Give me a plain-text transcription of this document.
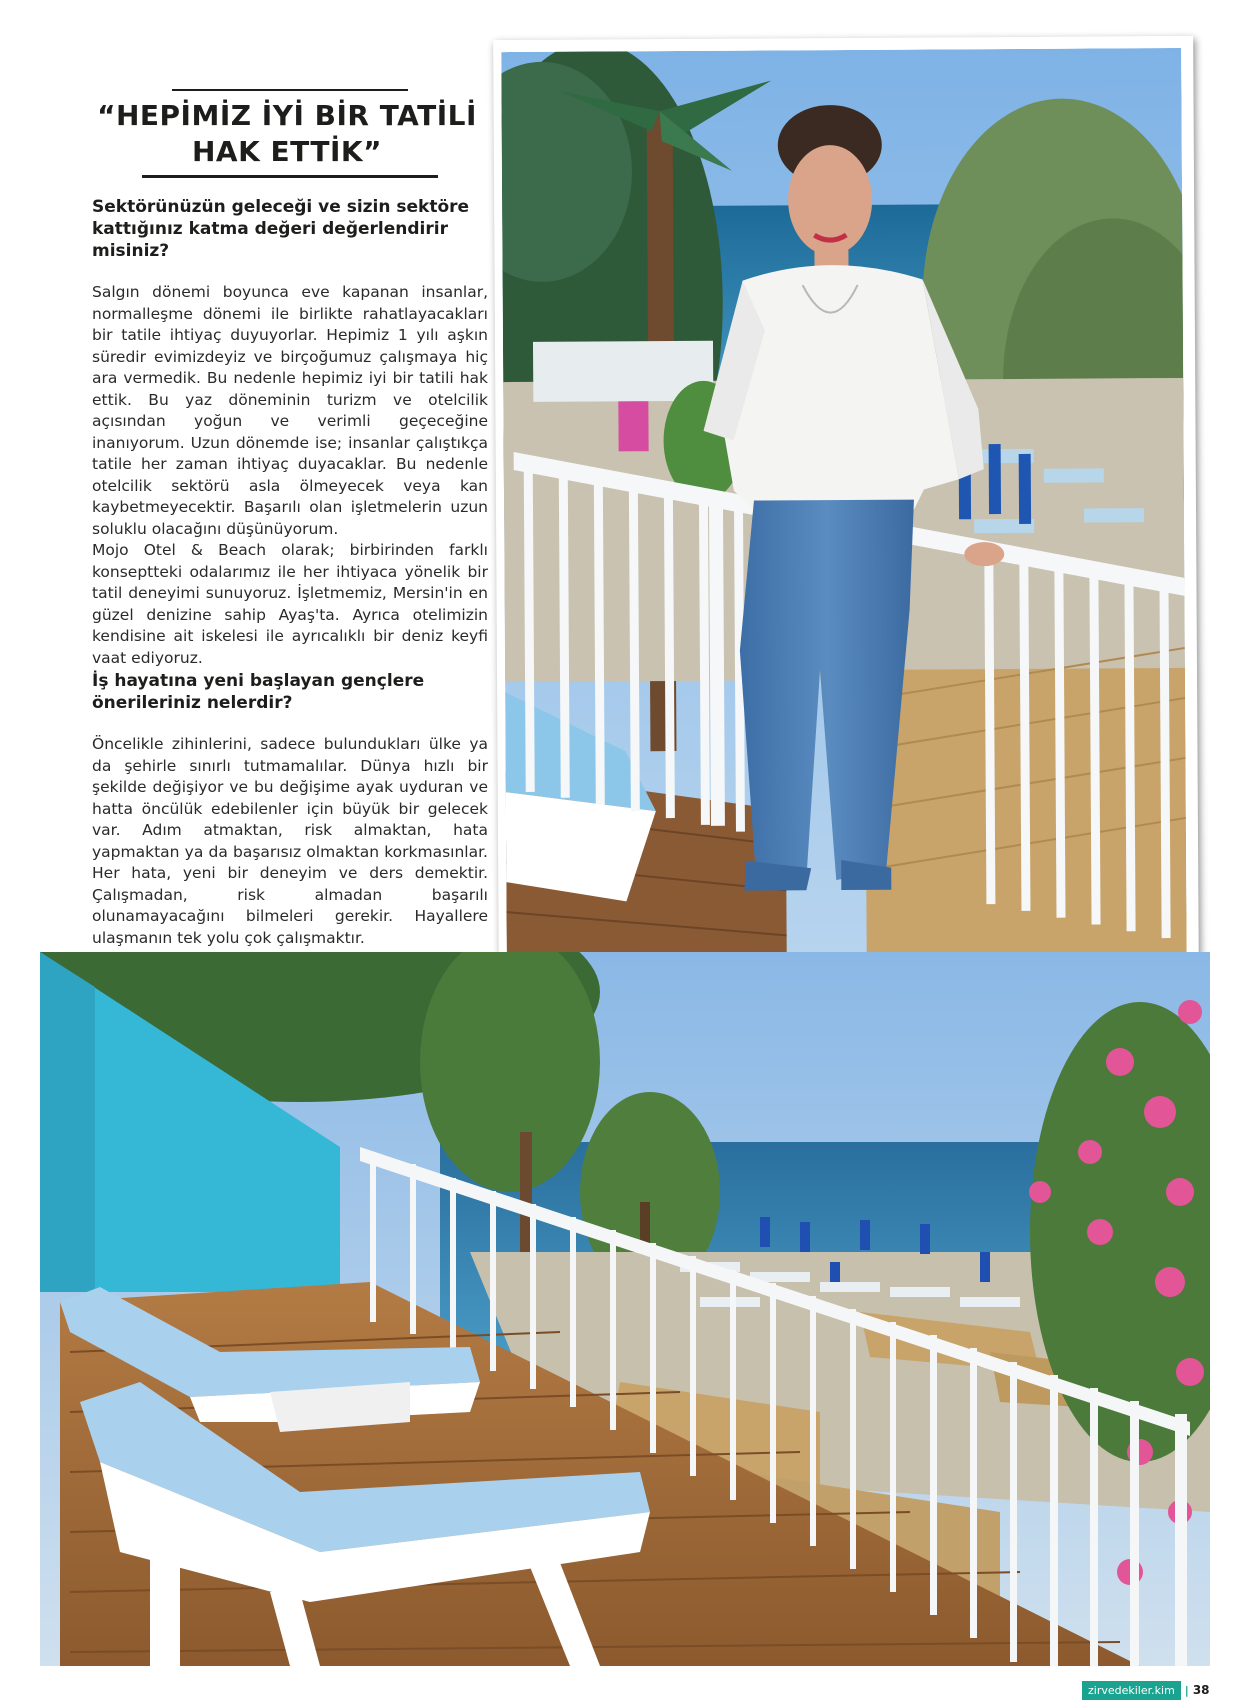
“HEPİMİZ İYİ BİR TATİLİ HAK ETTİK”
Sektörünüzün geleceği ve sizin sektöre kattığınız katma değeri değerlendirir misiniz?

Salgın dönemi boyunca eve kapanan insanlar, normalleşme dönemi ile birlikte rahatlayacakları bir tatile ihtiyaç duyuyorlar. Hepimiz 1 yılı aşkın süredir evimizdeyiz ve birçoğumuz çalışmaya hiç ara vermedik. Bu nedenle hepimiz iyi bir tatili hak ettik. Bu yaz döneminin turizm ve otelcilik açısından yoğun ve verimli geçeceğine inanıyorum. Uzun dönemde ise; insanlar çalıştıkça tatile her zaman ihtiyaç duyacaklar. Bu nedenle otelcilik sektörü asla ölmeyecek veya kan kaybetmeyecektir. Başarılı olan işletmelerin uzun soluklu olacağını düşünüyorum.

Mojo Otel & Beach olarak; birbirinden farklı konseptteki odalarımız ile her ihtiyaca yönelik bir tatil deneyimi sunuyoruz. İşletmemiz, Mersin'in en güzel denizine sahip Ayaş'ta. Ayrıca otelimizin kendisine ait iskelesi ile ayrıcalıklı bir deniz keyfi vaat ediyoruz.

İş hayatına yeni başlayan gençlere önerileriniz nelerdir?

Öncelikle zihinlerini, sadece bulundukları ülke ya da şehirle sınırlı tutmamalılar. Dünya hızlı bir şekilde değişiyor ve bu değişime ayak uyduran ve hatta öncülük edebilenler için büyük bir gelecek var. Adım atmaktan, risk almaktan, hata yapmaktan ya da başarısız olmaktan korkmasınlar. Her hata, yeni bir deneyim ve ders demektir. Çalışmadan, risk almadan başarılı olunamayacağını bilmeleri gerekir. Hayallere ulaşmanın tek yolu çok çalışmaktır.

zirvedekiler.kim | 38
